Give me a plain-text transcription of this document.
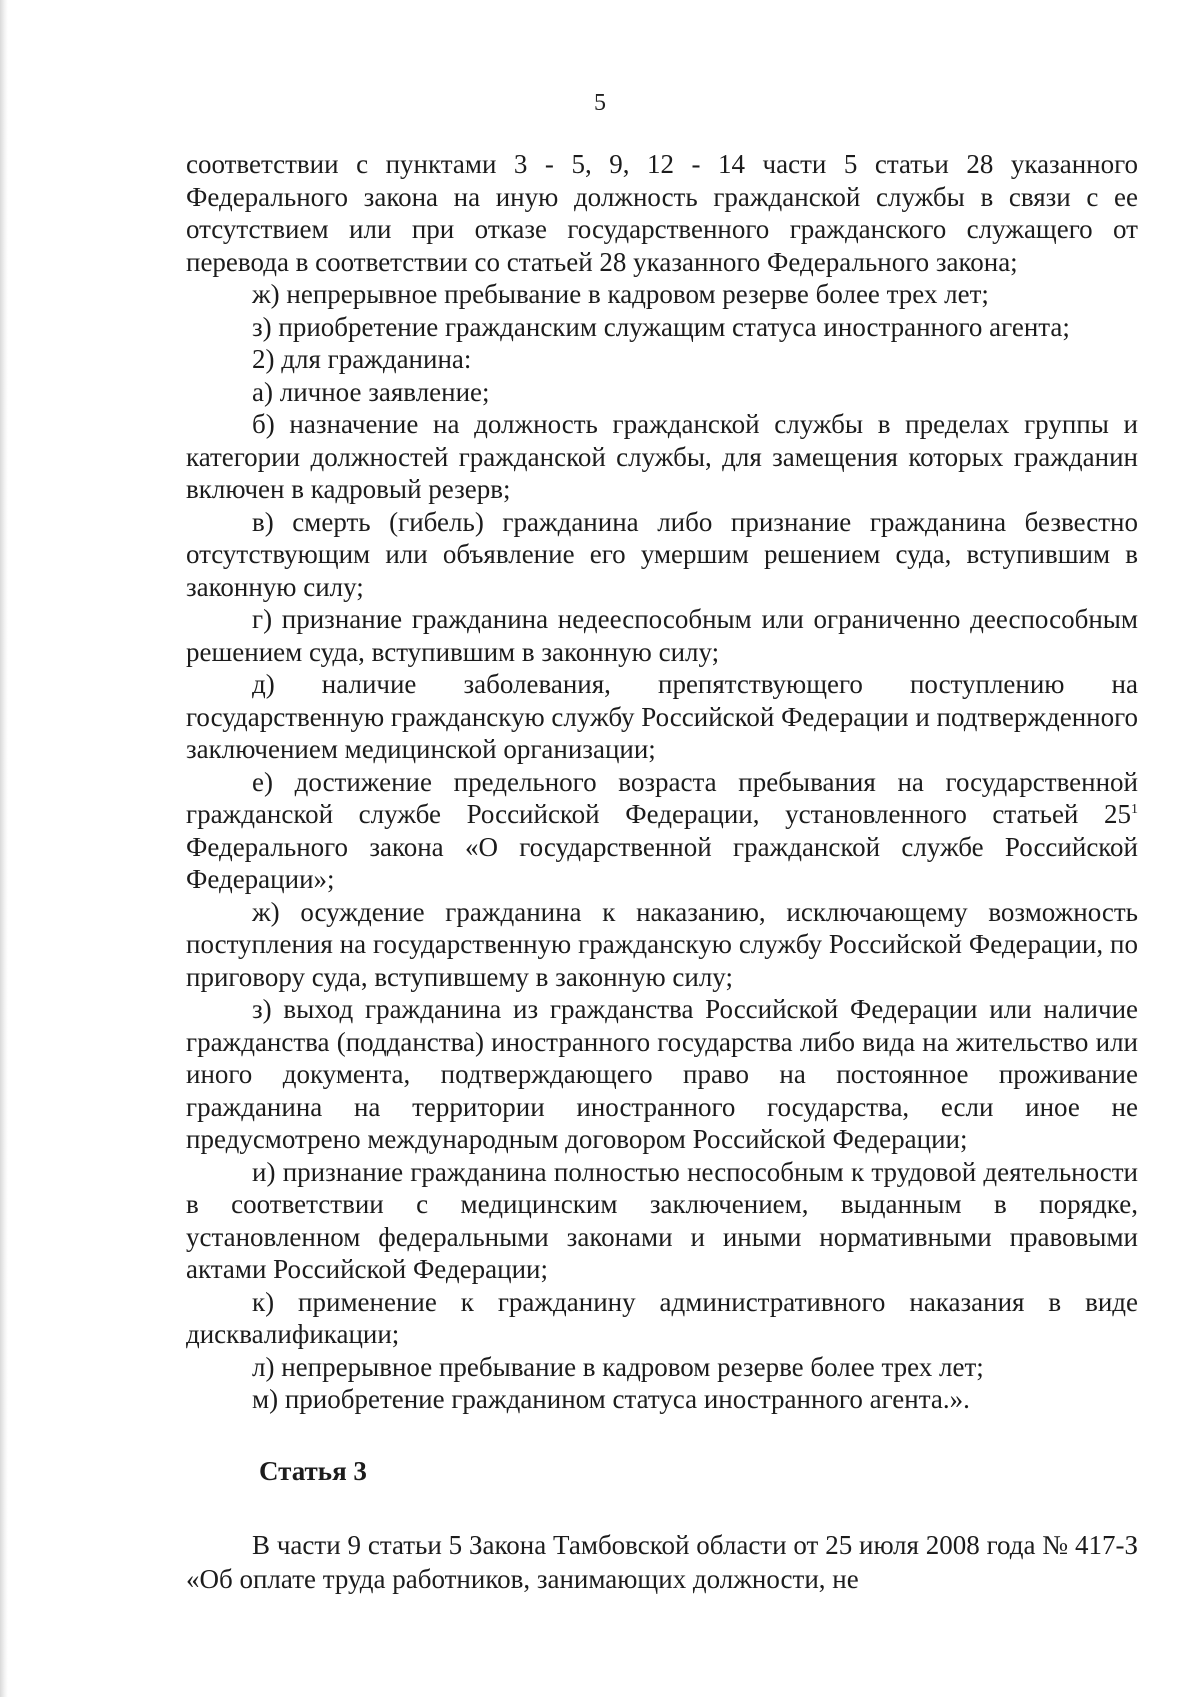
5

соответствии с пунктами 3 - 5, 9, 12 - 14 части 5 статьи 28 указанного Федерального закона на иную должность гражданской службы в связи с ее отсутствием или при отказе государственного гражданского служащего от перевода в соответствии со статьей 28 указанного Федерального закона;

ж) непрерывное пребывание в кадровом резерве более трех лет;

з) приобретение гражданским служащим статуса иностранного агента;

2) для гражданина:

а) личное заявление;

б) назначение на должность гражданской службы в пределах группы и категории должностей гражданской службы, для замещения которых гражданин включен в кадровый резерв;

в) смерть (гибель) гражданина либо признание гражданина безвестно отсутствующим или объявление его умершим решением суда, вступившим в законную силу;

г) признание гражданина недееспособным или ограниченно дееспособным решением суда, вступившим в законную силу;

д) наличие заболевания, препятствующего поступлению на государственную гражданскую службу Российской Федерации и подтвержденного заключением медицинской организации;

е) достижение предельного возраста пребывания на государственной гражданской службе Российской Федерации, установленного статьей $25^1$ Федерального закона «О государственной гражданской службе Российской Федерации»;

ж) осуждение гражданина к наказанию, исключающему возможность поступления на государственную гражданскую службу Российской Федерации, по приговору суда, вступившему в законную силу;

з) выход гражданина из гражданства Российской Федерации или наличие гражданства (подданства) иностранного государства либо вида на жительство или иного документа, подтверждающего право на постоянное проживание гражданина на территории иностранного государства, если иное не предусмотрено международным договором Российской Федерации;

и) признание гражданина полностью неспособным к трудовой деятельности в соответствии с медицинским заключением, выданным в порядке, установленном федеральными законами и иными нормативными правовыми актами Российской Федерации;

к) применение к гражданину административного наказания в виде дисквалификации;

л) непрерывное пребывание в кадровом резерве более трех лет;

м) приобретение гражданином статуса иностранного агента.».

Статья 3

В части 9 статьи 5 Закона Тамбовской области от 25 июля 2008 года № 417-З «Об оплате труда работников, занимающих должности, не
